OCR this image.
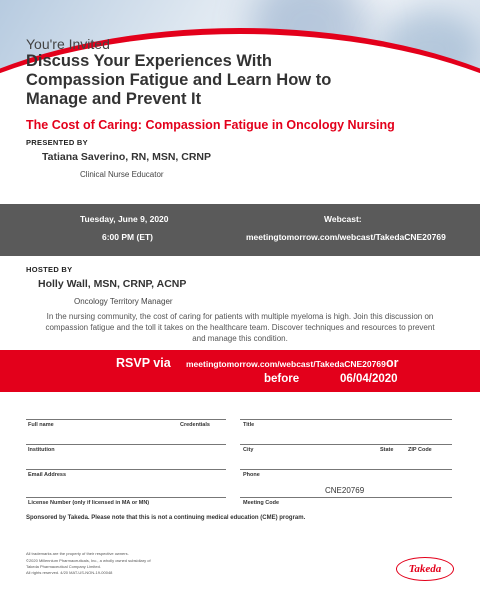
You're Invited
Discuss Your Experiences With Compassion Fatigue and Learn How to Manage and Prevent It
The Cost of Caring: Compassion Fatigue in Oncology Nursing
PRESENTED BY
Tatiana Saverino, RN, MSN, CRNP
Clinical Nurse Educator
Tuesday, June 9, 2020
6:00 PM (ET)
Webcast:
meetingtomorrow.com/webcast/TakedaCNE20769
HOSTED BY
Holly Wall, MSN, CRNP, ACNP
Oncology Territory Manager
In the nursing community, the cost of caring for patients with multiple myeloma is high. Join this discussion on compassion fatigue and the toll it takes on the healthcare team. Discover techniques and resources to prevent and manage this condition.
RSVP via meetingtomorrow.com/webcast/TakedaCNE20769 or
before	06/04/2020
Full name	Credentials	Title
Institution	City	State	ZIP Code
Email Address	Phone
CNE20769
License Number (only if licensed in MA or MN)	Meeting Code
Sponsored by Takeda. Please note that this is not a continuing medical education (CME) program.
All trademarks are the property of their respective owners.
©2020 Millennium Pharmaceuticals, Inc., a wholly owned subsidiary of
Takeda Pharmaceutical Company Limited.
All rights reserved. 4/20 MAT-US-NON-19-00048	Takeda
